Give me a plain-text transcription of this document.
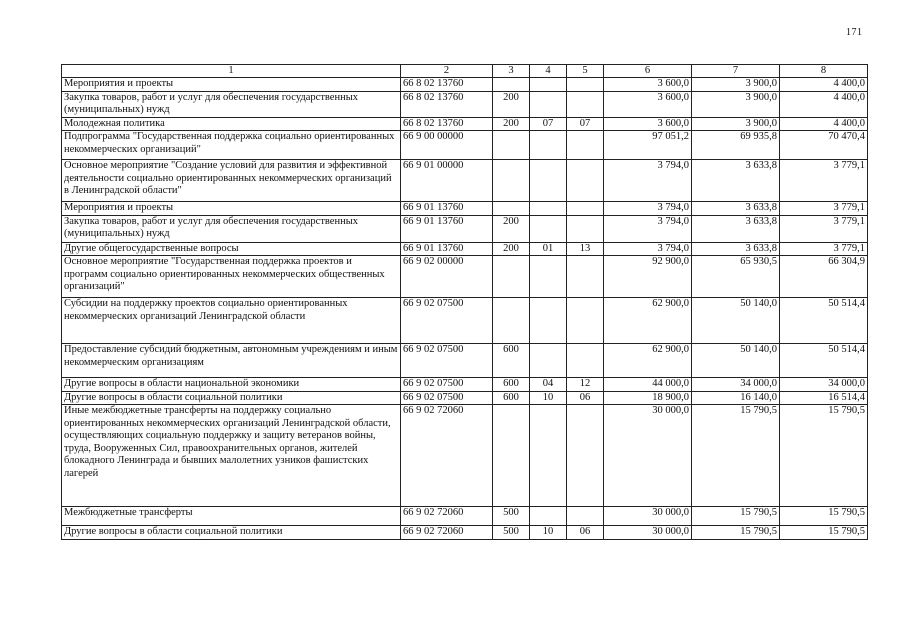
171
1	2	3	4	5	6	7	8
Мероприятия и проекты	66 8 02 13760				3 600,0	3 900,0	4 400,0
Закупка товаров, работ и услуг для обеспечения государственных (муниципальных) нужд	66 8 02 13760	200			3 600,0	3 900,0	4 400,0
Молодежная политика	66 8 02 13760	200	07	07	3 600,0	3 900,0	4 400,0
Подпрограмма "Государственная поддержка социально ориентированных некоммерческих организаций"	66 9 00 00000				97 051,2	69 935,8	70 470,4
Основное мероприятие "Создание условий для развития и эффективной деятельности социально ориентированных некоммерческих организаций в Ленинградской области"	66 9 01 00000				3 794,0	3 633,8	3 779,1
Мероприятия и проекты	66 9 01 13760				3 794,0	3 633,8	3 779,1
Закупка товаров, работ и услуг для обеспечения государственных (муниципальных) нужд	66 9 01 13760	200			3 794,0	3 633,8	3 779,1
Другие общегосударственные вопросы	66 9 01 13760	200	01	13	3 794,0	3 633,8	3 779,1
Основное мероприятие "Государственная поддержка проектов и программ социально ориентированных некоммерческих общественных организаций"	66 9 02 00000				92 900,0	65 930,5	66 304,9
Субсидии на поддержку проектов социально ориентированных некоммерческих организаций Ленинградской области	66 9 02 07500				62 900,0	50 140,0	50 514,4
Предоставление субсидий бюджетным, автономным учреждениям и иным некоммерческим организациям	66 9 02 07500	600			62 900,0	50 140,0	50 514,4
Другие вопросы в области национальной экономики	66 9 02 07500	600	04	12	44 000,0	34 000,0	34 000,0
Другие вопросы в области социальной политики	66 9 02 07500	600	10	06	18 900,0	16 140,0	16 514,4
Иные межбюджетные трансферты на поддержку социально ориентированных некоммерческих организаций Ленинградской области, осуществляющих социальную поддержку и защиту ветеранов войны, труда, Вооруженных Сил, правоохранительных органов, жителей блокадного Ленинграда и бывших малолетних узников фашистских лагерей	66 9 02 72060				30 000,0	15 790,5	15 790,5
Межбюджетные трансферты	66 9 02 72060	500			30 000,0	15 790,5	15 790,5
Другие вопросы в области социальной политики	66 9 02 72060	500	10	06	30 000,0	15 790,5	15 790,5
